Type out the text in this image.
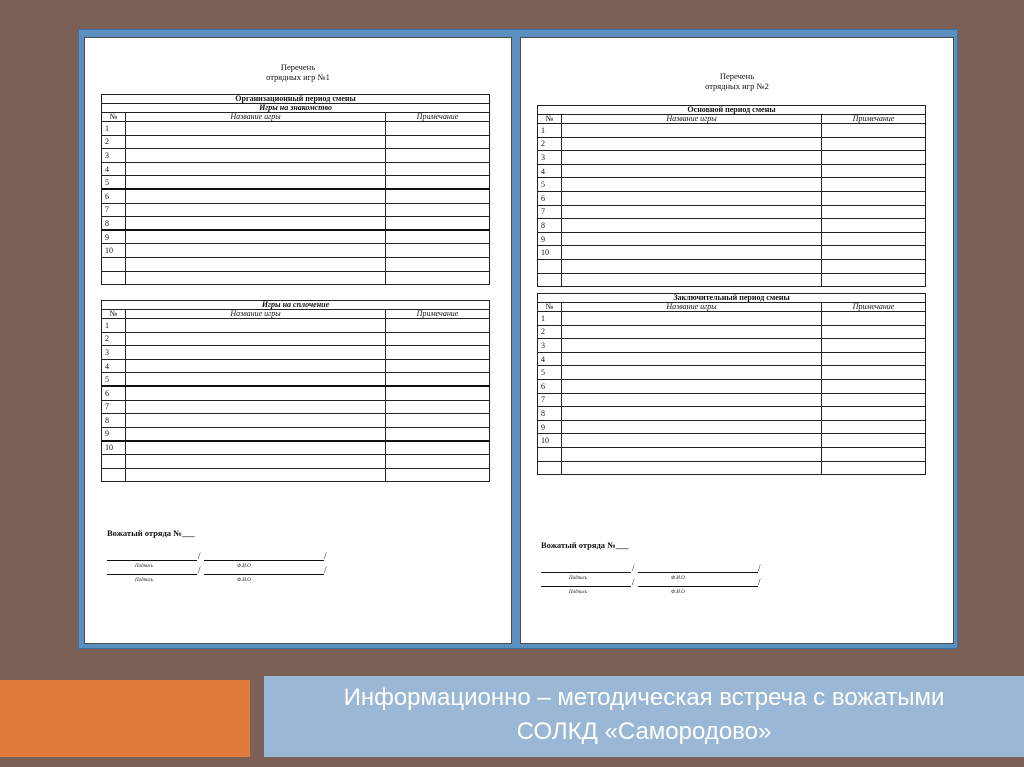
Перечень
отрядных игр №1
Организационный период смены		
Игры на знакомство		
№	Название игры	Примечание
1		
2		
3		
4		
5		
6		
7		
8		
9		
10		

Игры на сплочение		
№	Название игры	Примечание
1		
2		
3		
4		
5		
6		
7		
8		
9		
10		

Вожатый отряда №___
/	/
Подпись	Ф.И.О
/	/
Подпись	Ф.И.О
Перечень
отрядных игр №2
Основной период смены		
№	Название игры	Примечание
1		
2		
3		
4		
5		
6		
7		
8		
9		
10		

Заключительный период смены		
№	Название игры	Примечание
1		
2		
3		
4		
5		
6		
7		
8		
9		
10		

Вожатый отряда №___
/	/
Подпись	Ф.И.О
/	/
Подпись	Ф.И.О
Информационно – методическая встреча с вожатыми
СОЛКД «Самородово»
